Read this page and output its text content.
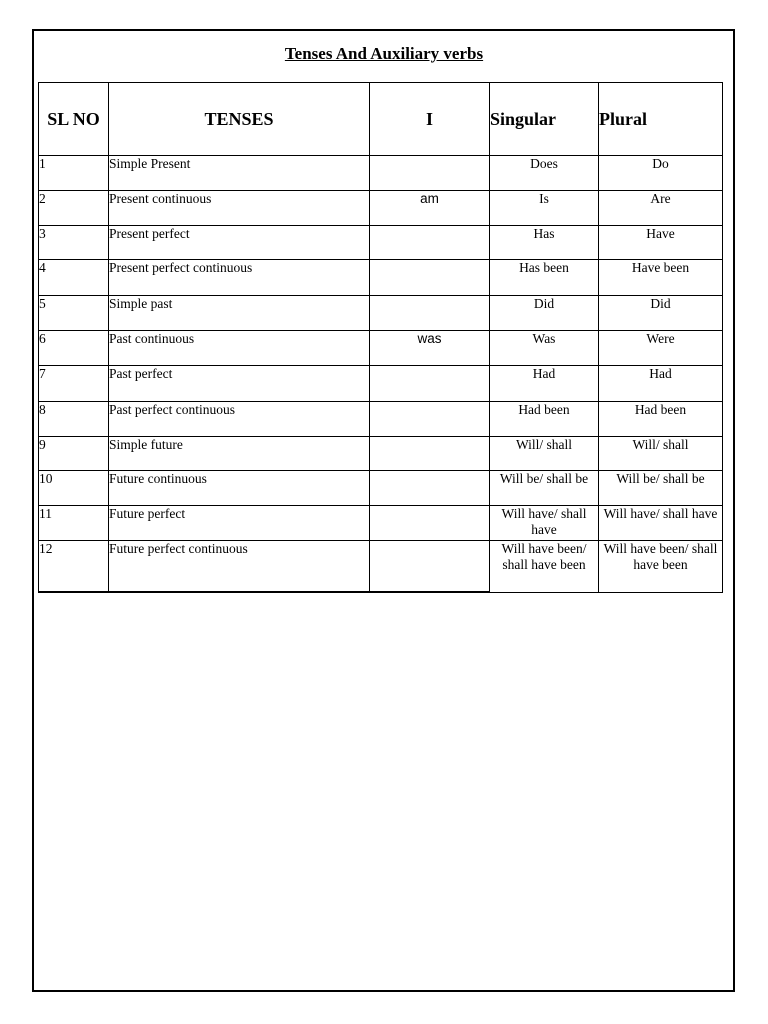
Tenses And Auxiliary verbs
SL NO	TENSES	I	Singular	Plural
1	Simple Present		Does	Do
2	Present continuous	am	Is	Are
3	Present perfect		Has	Have
4	Present perfect continuous		Has been	Have been
5	Simple past		Did	Did
6	Past continuous	was	Was	Were
7	Past perfect		Had	Had
8	Past perfect continuous		Had been	Had been
9	Simple future		Will/ shall	Will/ shall
10	Future continuous		Will be/ shall be	Will be/ shall be
11	Future perfect		Will have/ shall have	Will have/ shall have
12	Future perfect continuous		Will have been/ shall have been	Will have been/ shall have been
